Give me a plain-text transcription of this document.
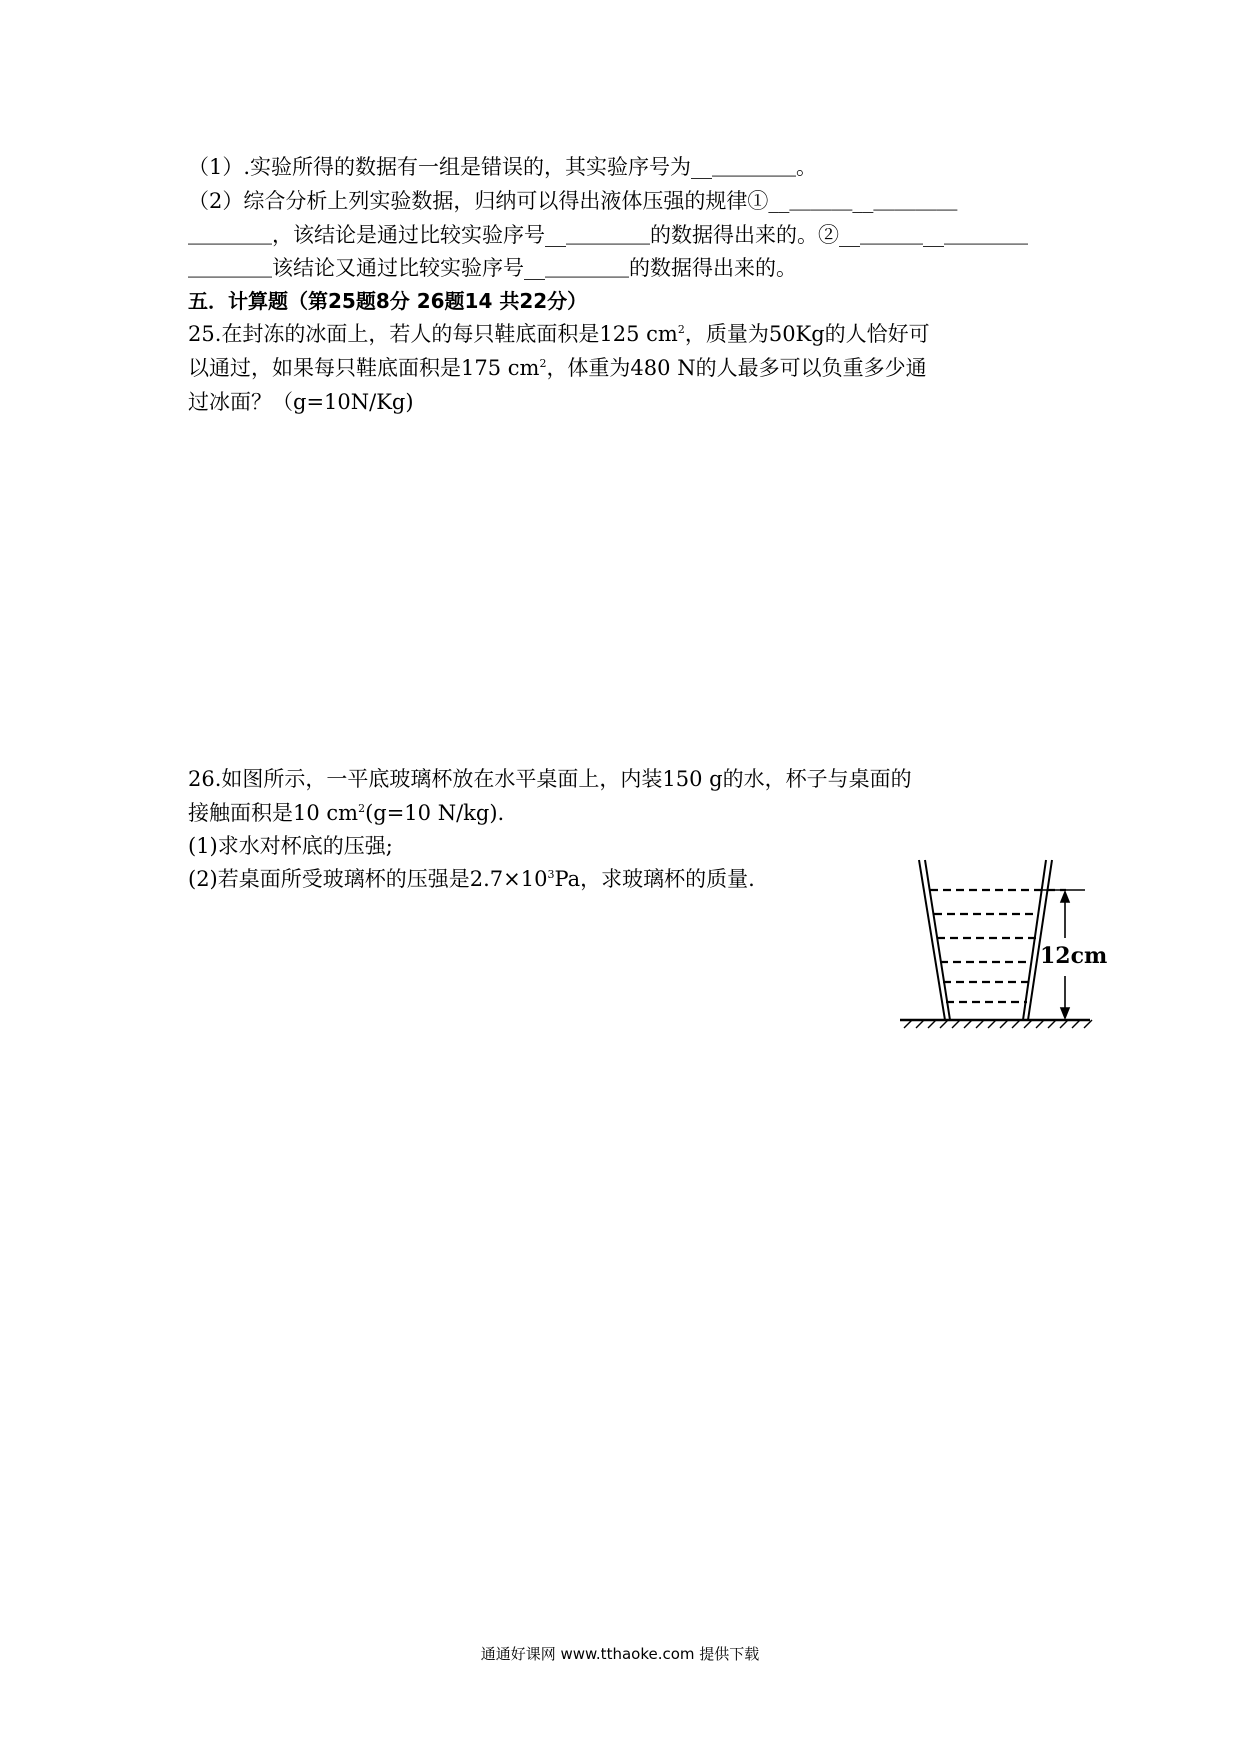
（1）.实验所得的数据有一组是错误的，其实验序号为__＿＿＿＿。
（2）综合分析上列实验数据，归纳可以得出液体压强的规律①__＿＿＿__＿＿＿＿
＿＿＿＿，该结论是通过比较实验序号__＿＿＿＿的数据得出来的。②__＿＿＿__＿＿＿＿
＿＿＿＿该结论又通过比较实验序号__＿＿＿＿的数据得出来的。
五．计算题（第25题8分 26题14 共22分）
25.在封冻的冰面上，若人的每只鞋底面积是125 $cm^2$，质量为50Kg的人恰好可
以通过，如果每只鞋底面积是175 $cm^2$，体重为480 N的人最多可以负重多少通
过冰面？（g=10N/Kg)
26.如图所示，一平底玻璃杯放在水平桌面上，内装150 g的水，杯子与桌面的
接触面积是10 $cm^2(g=10$ N/kg).
(1)求水对杯底的压强;
(2)若桌面所受玻璃杯的压强是$2.7\times 10^3Pa$，求玻璃杯的质量.
12cm
通通好课网 www.tthaoke.com 提供下载
